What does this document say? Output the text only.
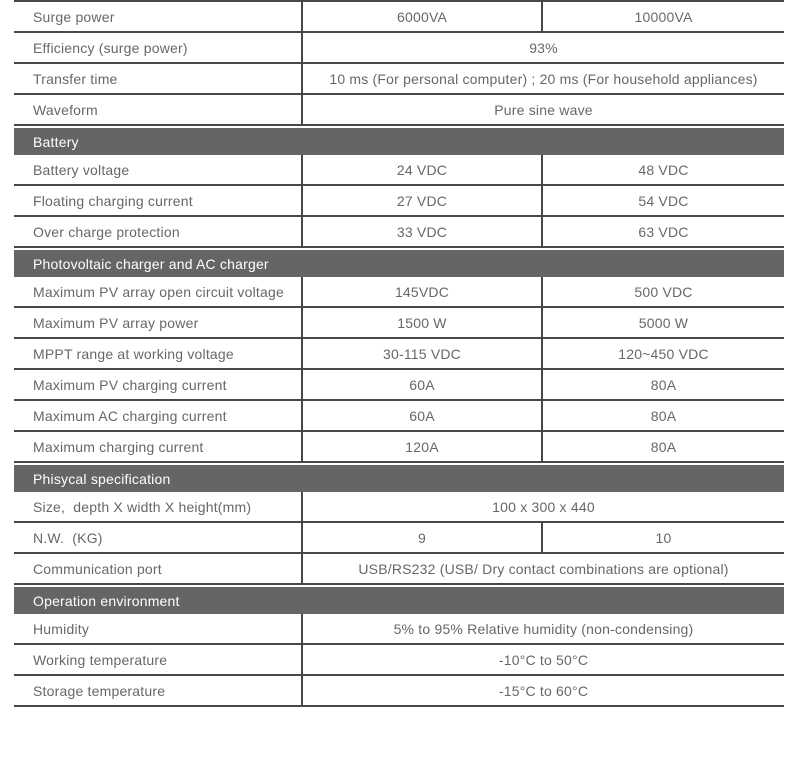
Surge power	6000VA	10000VA
Efficiency (surge power)	93%
Transfer time	10 ms (For personal computer) ; 20 ms (For household appliances)
Waveform	Pure sine wave
Battery
Battery voltage	24 VDC	48 VDC
Floating charging current	27 VDC	54 VDC
Over charge protection	33 VDC	63 VDC
Photovoltaic charger and AC charger
Maximum PV array open circuit voltage	145VDC	500 VDC
Maximum PV array power	1500 W	5000 W
MPPT range at working voltage	30-115 VDC	120~450 VDC
Maximum PV charging current	60A	80A
Maximum AC charging current	60A	80A
Maximum charging current	120A	80A
Phisycal specification
Size,  depth X width X height(mm)	100 x 300 x 440
N.W.  (KG)	9	10
Communication port	USB/RS232 (USB/ Dry contact combinations are optional)
Operation environment
Humidity	5% to 95% Relative humidity (non-condensing)
Working temperature	-10°C to 50°C
Storage temperature	-15°C to 60°C
